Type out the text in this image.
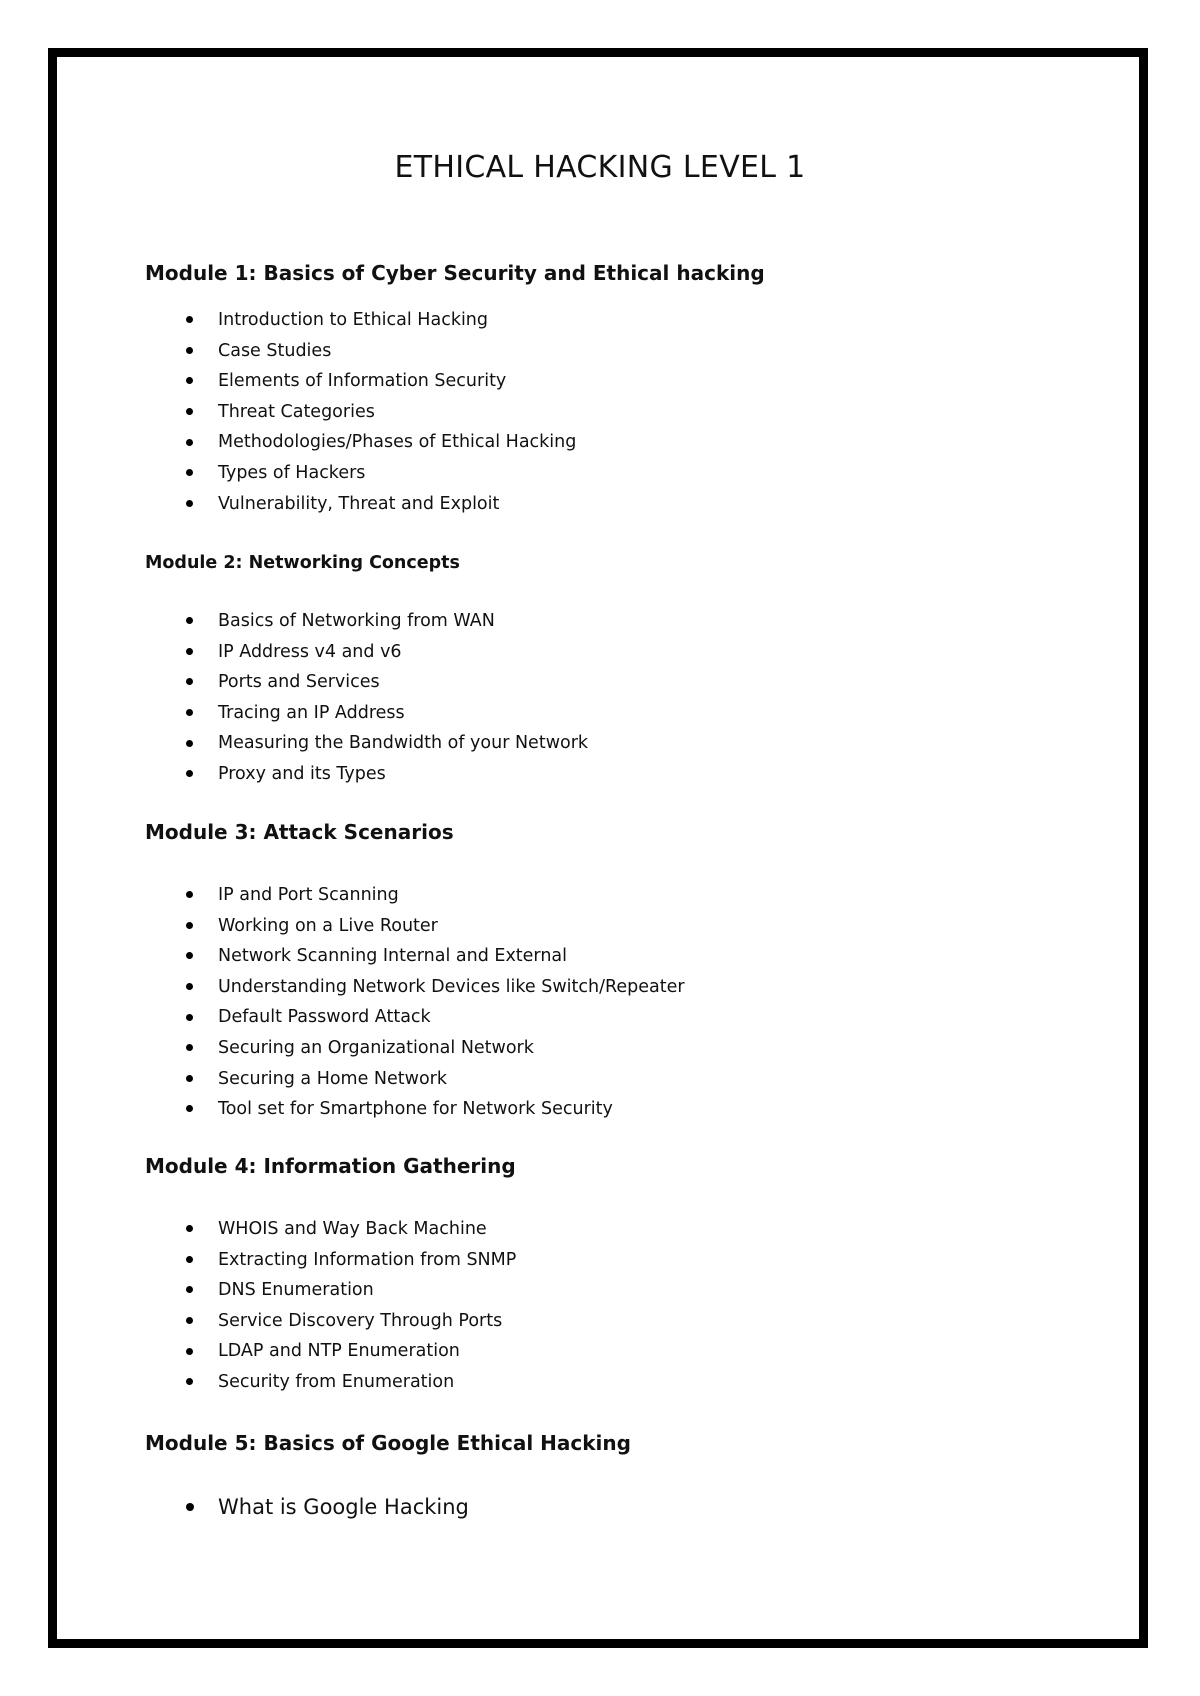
ETHICAL HACKING LEVEL 1
Module 1: Basics of Cyber Security and Ethical hacking
Introduction to Ethical Hacking
Case Studies
Elements of Information Security
Threat Categories
Methodologies/Phases of Ethical Hacking
Types of Hackers
Vulnerability, Threat and Exploit
Module 2: Networking Concepts
Basics of Networking from WAN
IP Address v4 and v6
Ports and Services
Tracing an IP Address
Measuring the Bandwidth of your Network
Proxy and its Types
Module 3: Attack Scenarios
IP and Port Scanning
Working on a Live Router
Network Scanning Internal and External
Understanding Network Devices like Switch/Repeater
Default Password Attack
Securing an Organizational Network
Securing a Home Network
Tool set for Smartphone for Network Security
Module 4: Information Gathering
WHOIS and Way Back Machine
Extracting Information from SNMP
DNS Enumeration
Service Discovery Through Ports
LDAP and NTP Enumeration
Security from Enumeration
Module 5: Basics of Google Ethical Hacking
What is Google Hacking
